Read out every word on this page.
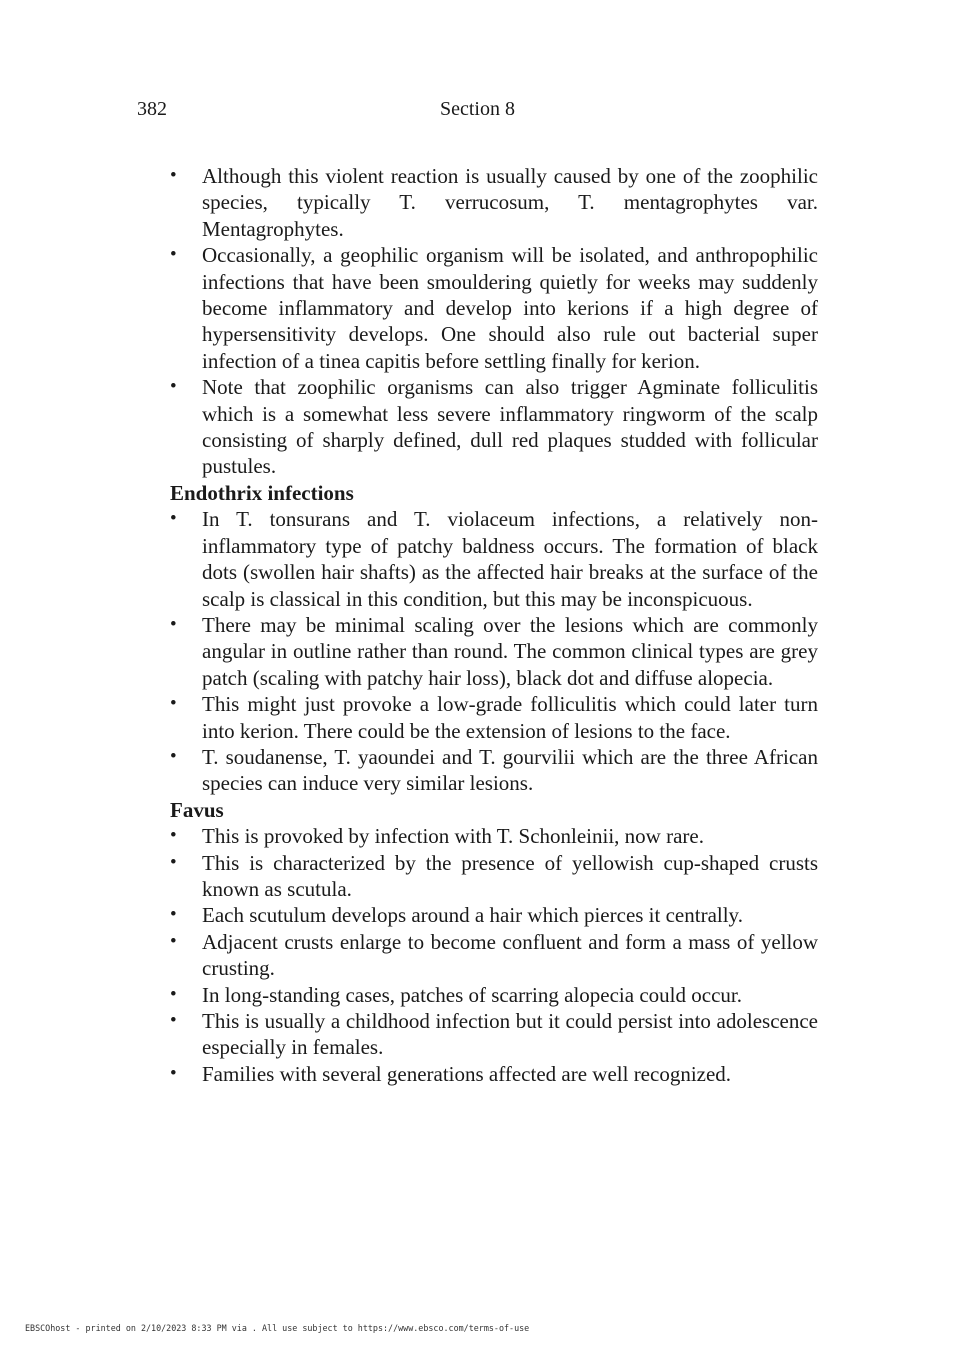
382	Section 8
• Although this violent reaction is usually caused by one of the zoophilic species, typically T. verrucosum, T. mentagrophytes var. Mentagrophytes.
• Occasionally, a geophilic organism will be isolated, and anthropophilic infections that have been smouldering quietly for weeks may suddenly become inflammatory and develop into kerions if a high degree of hypersensitivity develops. One should also rule out bacterial super infection of a tinea capitis before settling finally for kerion.
• Note that zoophilic organisms can also trigger Agminate folliculitis which is a somewhat less severe inflammatory ringworm of the scalp consisting of sharply defined, dull red plaques studded with follicular pustules.
Endothrix infections
• In T. tonsurans and T. violaceum infections, a relatively non-inflammatory type of patchy baldness occurs. The formation of black dots (swollen hair shafts) as the affected hair breaks at the surface of the scalp is classical in this condition, but this may be inconspicuous.
• There may be minimal scaling over the lesions which are commonly angular in outline rather than round. The common clinical types are grey patch (scaling with patchy hair loss), black dot and diffuse alopecia.
• This might just provoke a low-grade folliculitis which could later turn into kerion. There could be the extension of lesions to the face.
• T. soudanense, T. yaoundei and T. gourvilii which are the three African species can induce very similar lesions.
Favus
• This is provoked by infection with T. Schonleinii, now rare.
• This is characterized by the presence of yellowish cup-shaped crusts known as scutula.
• Each scutulum develops around a hair which pierces it centrally.
• Adjacent crusts enlarge to become confluent and form a mass of yellow crusting.
• In long-standing cases, patches of scarring alopecia could occur.
• This is usually a childhood infection but it could persist into adolescence especially in females.
• Families with several generations affected are well recognized.
EBSCOhost - printed on 2/10/2023 8:33 PM via . All use subject to https://www.ebsco.com/terms-of-use
